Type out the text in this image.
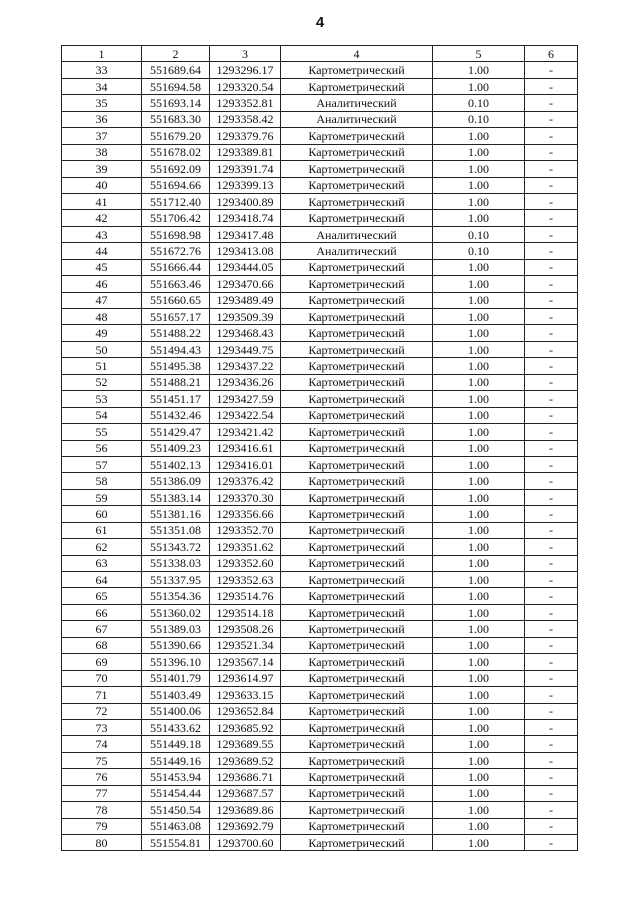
4
1	2	3	4	5	6
33	551689.64	1293296.17	Картометрический	1.00	-
34	551694.58	1293320.54	Картометрический	1.00	-
35	551693.14	1293352.81	Аналитический	0.10	-
36	551683.30	1293358.42	Аналитический	0.10	-
37	551679.20	1293379.76	Картометрический	1.00	-
38	551678.02	1293389.81	Картометрический	1.00	-
39	551692.09	1293391.74	Картометрический	1.00	-
40	551694.66	1293399.13	Картометрический	1.00	-
41	551712.40	1293400.89	Картометрический	1.00	-
42	551706.42	1293418.74	Картометрический	1.00	-
43	551698.98	1293417.48	Аналитический	0.10	-
44	551672.76	1293413.08	Аналитический	0.10	-
45	551666.44	1293444.05	Картометрический	1.00	-
46	551663.46	1293470.66	Картометрический	1.00	-
47	551660.65	1293489.49	Картометрический	1.00	-
48	551657.17	1293509.39	Картометрический	1.00	-
49	551488.22	1293468.43	Картометрический	1.00	-
50	551494.43	1293449.75	Картометрический	1.00	-
51	551495.38	1293437.22	Картометрический	1.00	-
52	551488.21	1293436.26	Картометрический	1.00	-
53	551451.17	1293427.59	Картометрический	1.00	-
54	551432.46	1293422.54	Картометрический	1.00	-
55	551429.47	1293421.42	Картометрический	1.00	-
56	551409.23	1293416.61	Картометрический	1.00	-
57	551402.13	1293416.01	Картометрический	1.00	-
58	551386.09	1293376.42	Картометрический	1.00	-
59	551383.14	1293370.30	Картометрический	1.00	-
60	551381.16	1293356.66	Картометрический	1.00	-
61	551351.08	1293352.70	Картометрический	1.00	-
62	551343.72	1293351.62	Картометрический	1.00	-
63	551338.03	1293352.60	Картометрический	1.00	-
64	551337.95	1293352.63	Картометрический	1.00	-
65	551354.36	1293514.76	Картометрический	1.00	-
66	551360.02	1293514.18	Картометрический	1.00	-
67	551389.03	1293508.26	Картометрический	1.00	-
68	551390.66	1293521.34	Картометрический	1.00	-
69	551396.10	1293567.14	Картометрический	1.00	-
70	551401.79	1293614.97	Картометрический	1.00	-
71	551403.49	1293633.15	Картометрический	1.00	-
72	551400.06	1293652.84	Картометрический	1.00	-
73	551433.62	1293685.92	Картометрический	1.00	-
74	551449.18	1293689.55	Картометрический	1.00	-
75	551449.16	1293689.52	Картометрический	1.00	-
76	551453.94	1293686.71	Картометрический	1.00	-
77	551454.44	1293687.57	Картометрический	1.00	-
78	551450.54	1293689.86	Картометрический	1.00	-
79	551463.08	1293692.79	Картометрический	1.00	-
80	551554.81	1293700.60	Картометрический	1.00	-
